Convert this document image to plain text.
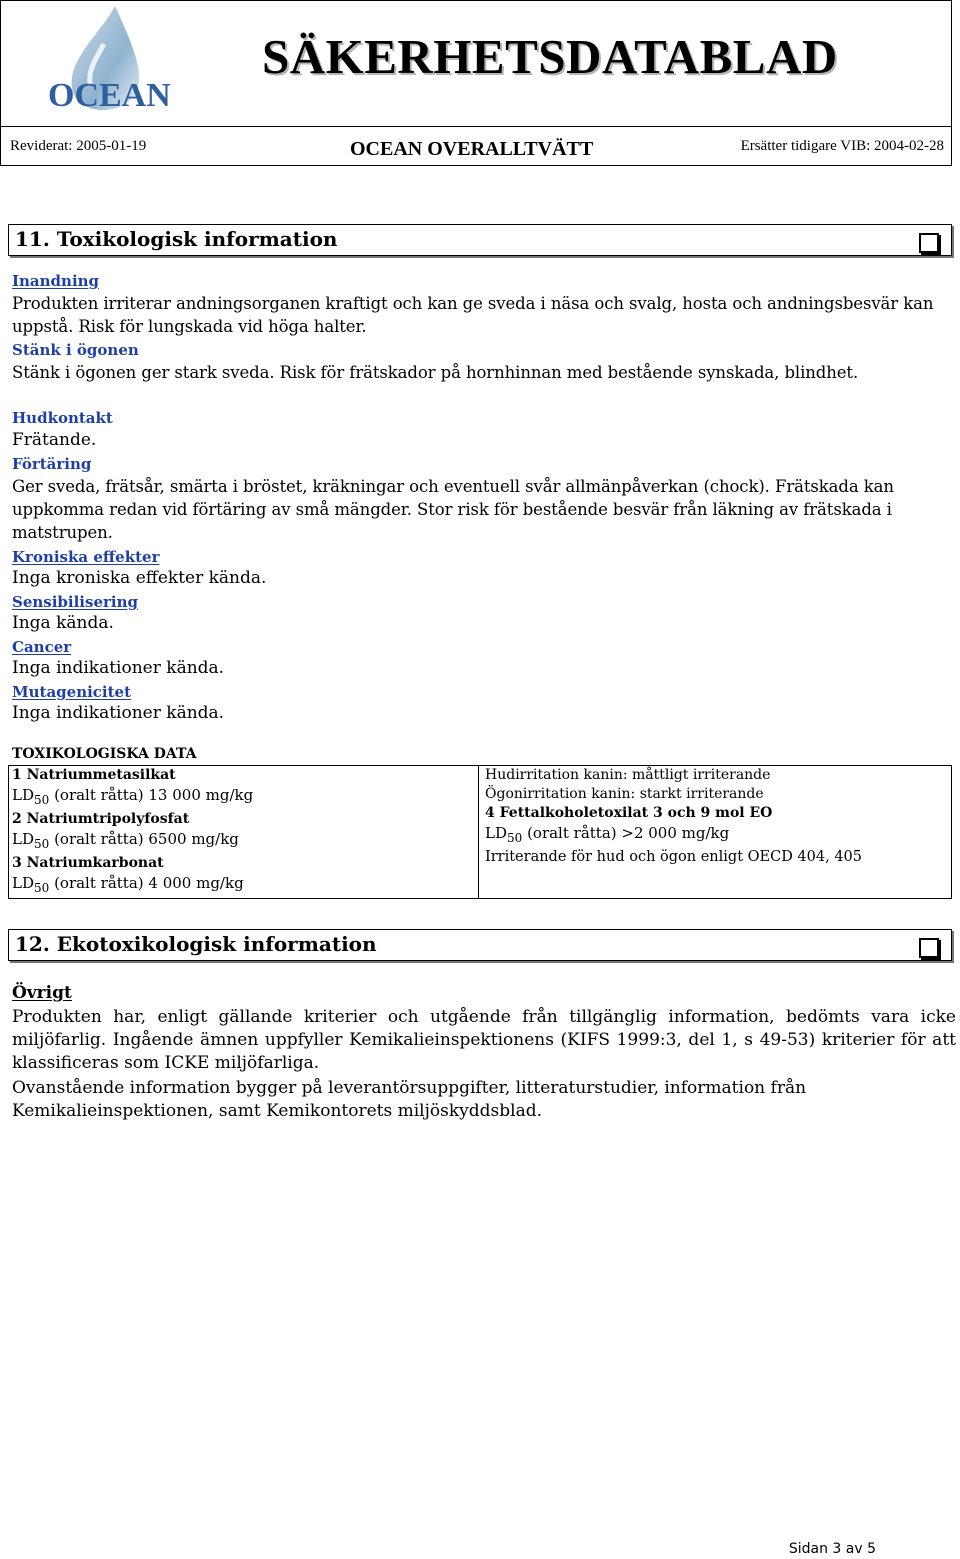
OCEAN
SÄKERHETSDATABLAD
Reviderat: 2005-01-19	OCEAN OVERALLTVÄTT	Ersätter tidigare VIB: 2004-02-28
11. Toxikologisk information
Inandning
Produkten irriterar andningsorganen kraftigt och kan ge sveda i näsa och svalg, hosta och andningsbesvär kan uppstå. Risk för lungskada vid höga halter.
Stänk i ögonen
Stänk i ögonen ger stark sveda. Risk för frätskador på hornhinnan med bestående synskada, blindhet.
Hudkontakt
Frätande.
Förtäring
Ger sveda, frätsår, smärta i bröstet, kräkningar och eventuell svår allmänpåverkan (chock). Frätskada kan uppkomma redan vid förtäring av små mängder. Stor risk för bestående besvär från läkning av frätskada i matstrupen.
Kroniska effekter
Inga kroniska effekter kända.
Sensibilisering
Inga kända.
Cancer
Inga indikationer kända.
Mutagenicitet
Inga indikationer kända.
TOXIKOLOGISKA DATA
1 Natriummetasilkat
$LD_{50}$ (oralt råtta) 13 000 mg/kg
2 Natriumtripolyfosfat
$LD_{50}$ (oralt råtta) 6500 mg/kg
3 Natriumkarbonat
$LD_{50}$ (oralt råtta) 4 000 mg/kg
Hudirritation kanin: måttligt irriterande
Ögonirritation kanin: starkt irriterande
4 Fettalkoholetoxilat 3 och 9 mol EO
$LD_{50}$ (oralt råtta) >2 000 mg/kg
Irriterande för hud och ögon enligt OECD 404, 405
12. Ekotoxikologisk information
Övrigt
Produkten har, enligt gällande kriterier och utgående från tillgänglig information, bedömts vara icke miljöfarlig. Ingående ämnen uppfyller Kemikalieinspektionens (KIFS 1999:3, del 1, s 49-53) kriterier för att klassificeras som ICKE miljöfarliga.
Ovanstående information bygger på leverantörsuppgifter, litteraturstudier, information från Kemikalieinspektionen, samt Kemikontorets miljöskyddsblad.
Sidan 3 av 5
